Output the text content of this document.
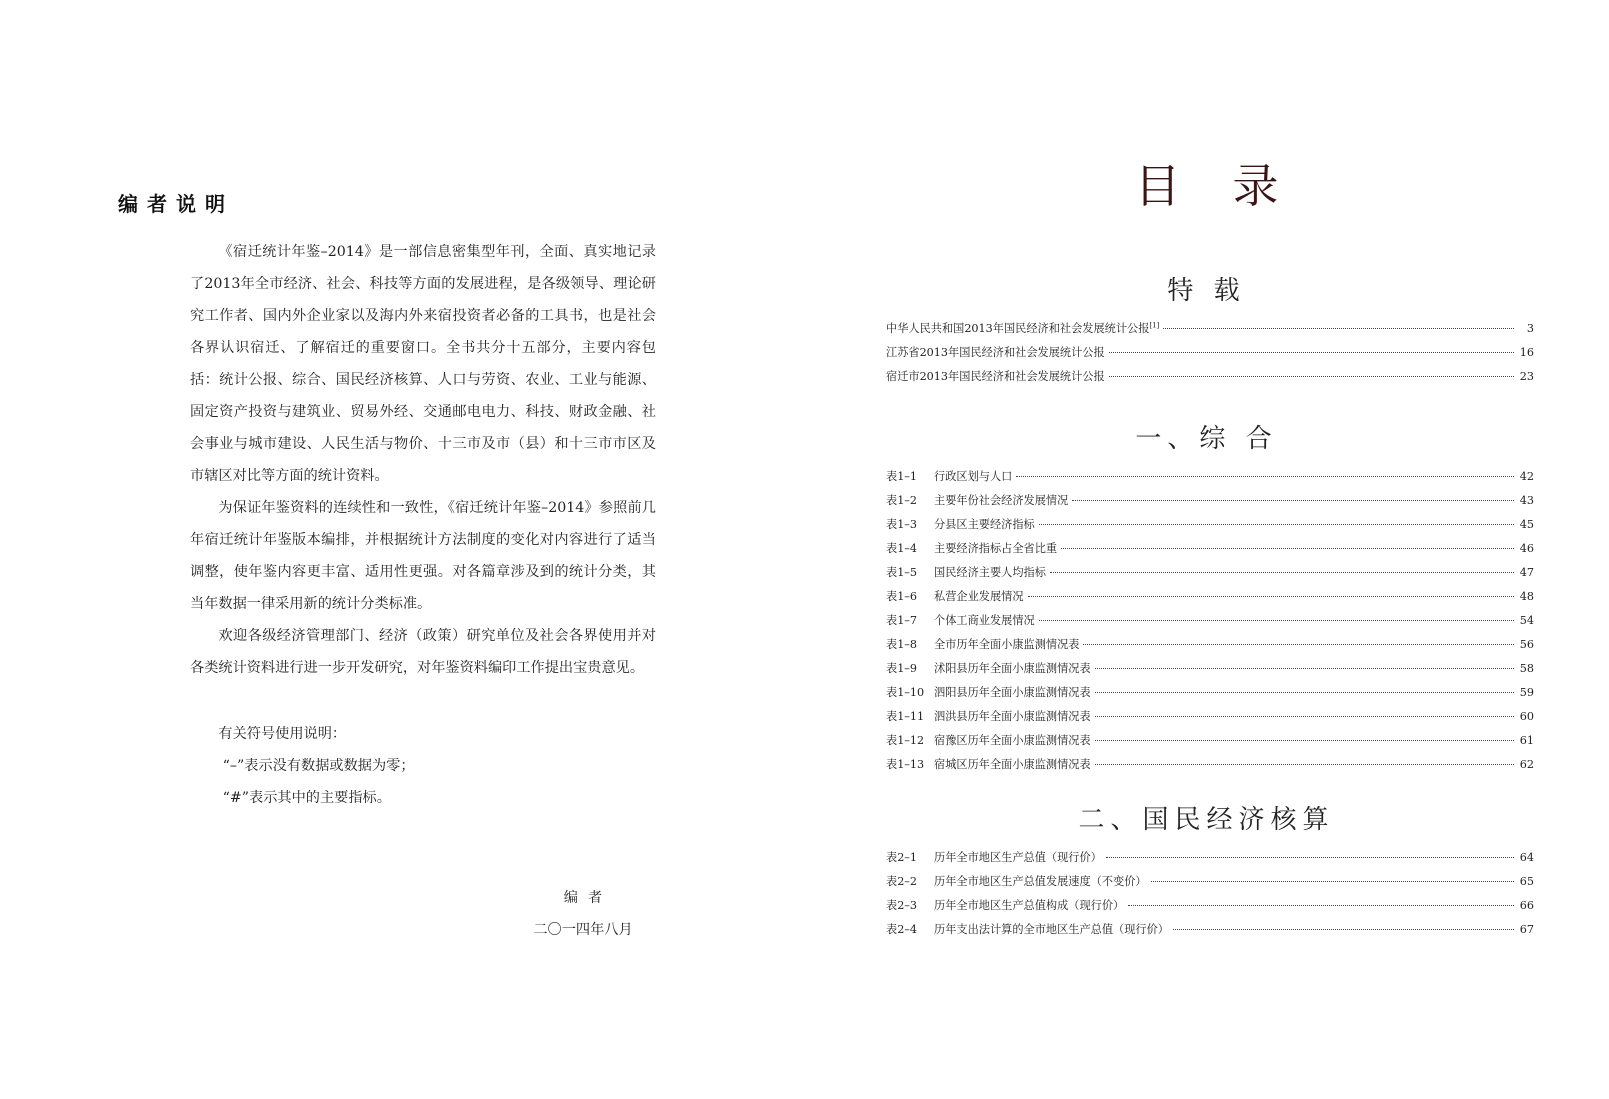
编者说明

《宿迁统计年鉴–2014》是一部信息密集型年刊，全面、真实地记录了2013年全市经济、社会、科技等方面的发展进程，是各级领导、理论研究工作者、国内外企业家以及海内外来宿投资者必备的工具书，也是社会各界认识宿迁、了解宿迁的重要窗口。全书共分十五部分，主要内容包括：统计公报、综合、国民经济核算、人口与劳资、农业、工业与能源、固定资产投资与建筑业、贸易外经、交通邮电电力、科技、财政金融、社会事业与城市建设、人民生活与物价、十三市及市（县）和十三市市区及市辖区对比等方面的统计资料。

为保证年鉴资料的连续性和一致性，《宿迁统计年鉴–2014》参照前几年宿迁统计年鉴版本编排，并根据统计方法制度的变化对内容进行了适当调整，使年鉴内容更丰富、适用性更强。对各篇章涉及到的统计分类，其当年数据一律采用新的统计分类标准。

欢迎各级经济管理部门、经济（政策）研究单位及社会各界使用并对各类统计资料进行进一步开发研究，对年鉴资料编印工作提出宝贵意见。

有关符号使用说明：

“–”表示没有数据或数据为零；

“#”表示其中的主要指标。

编者
二〇一四年八月
目录
特 载
中华人民共和国2013年国民经济和社会发展统计公报[1]	3
江苏省2013年国民经济和社会发展统计公报	16
宿迁市2013年国民经济和社会发展统计公报	23
一、综 合
表1–1	行政区划与人口	42
表1–2	主要年份社会经济发展情况	43
表1–3	分县区主要经济指标	45
表1–4	主要经济指标占全省比重	46
表1–5	国民经济主要人均指标	47
表1–6	私营企业发展情况	48
表1–7	个体工商业发展情况	54
表1–8	全市历年全面小康监测情况表	56
表1–9	沭阳县历年全面小康监测情况表	58
表1–10 泗阳县历年全面小康监测情况表	59
表1–11 泗洪县历年全面小康监测情况表	60
表1–12 宿豫区历年全面小康监测情况表	61
表1–13 宿城区历年全面小康监测情况表	62
二、国民经济核算
表2–1	历年全市地区生产总值（现行价）	64
表2–2	历年全市地区生产总值发展速度（不变价）	65
表2–3	历年全市地区生产总值构成（现行价）	66
表2–4	历年支出法计算的全市地区生产总值（现行价）	67
